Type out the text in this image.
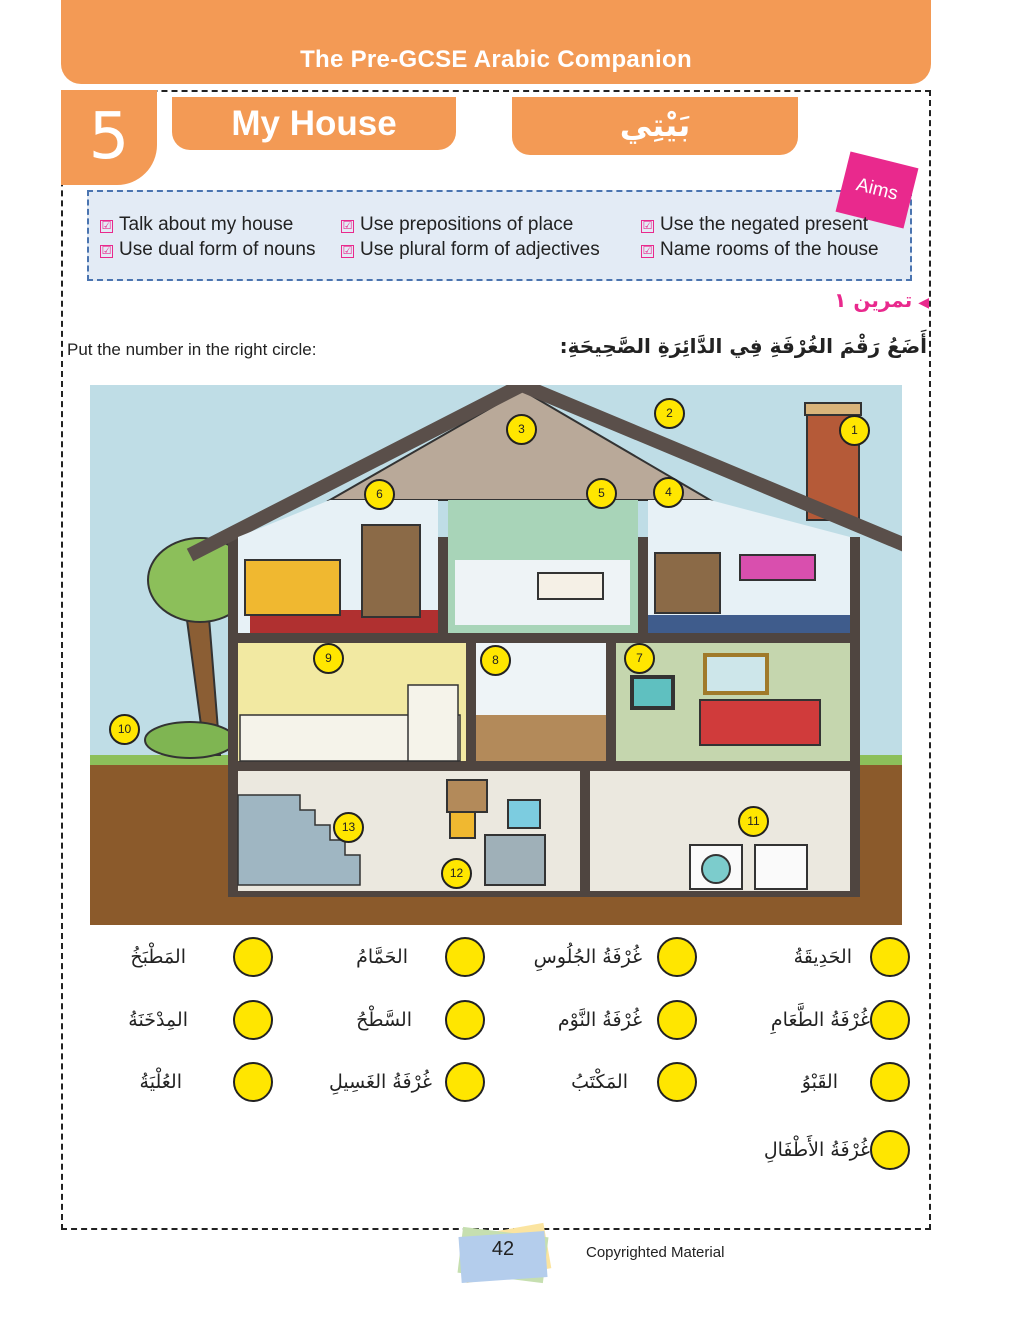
The Pre-GCSE Arabic Companion
5	My House	بَيْتِي
Aims
☑ Talk about my house	☑ Use prepositions of place	☑ Use the negated present
☑ Use dual form of nouns ☑ Use plural form of adjectives	☑ Name rooms of the house
◀تمرين ١
Put the number in the right circle:	أَضَعُ رَقْمَ الغُرْفَةِ فِي الدَّائِرَةِ الصَّحِيحَةِ:
1
2
3
4
5
6
7
8
9
10
11
12
13
الحَدِيقَةُ
غُرْفَةُ الجُلُوسِ
الحَمَّامُ
المَطْبَخُ
غُرْفَةُ الطَّعَامِ
غُرْفَةُ النَّوْم
السَّطْحُ
المِدْخَنَةُ
القَبْوُ
المَكْتَبُ
غُرْفَةُ الغَسِيلِ
العُلْيَةُ
غُرْفَةُ الأَطْفَالِ
42	Copyrighted Material
